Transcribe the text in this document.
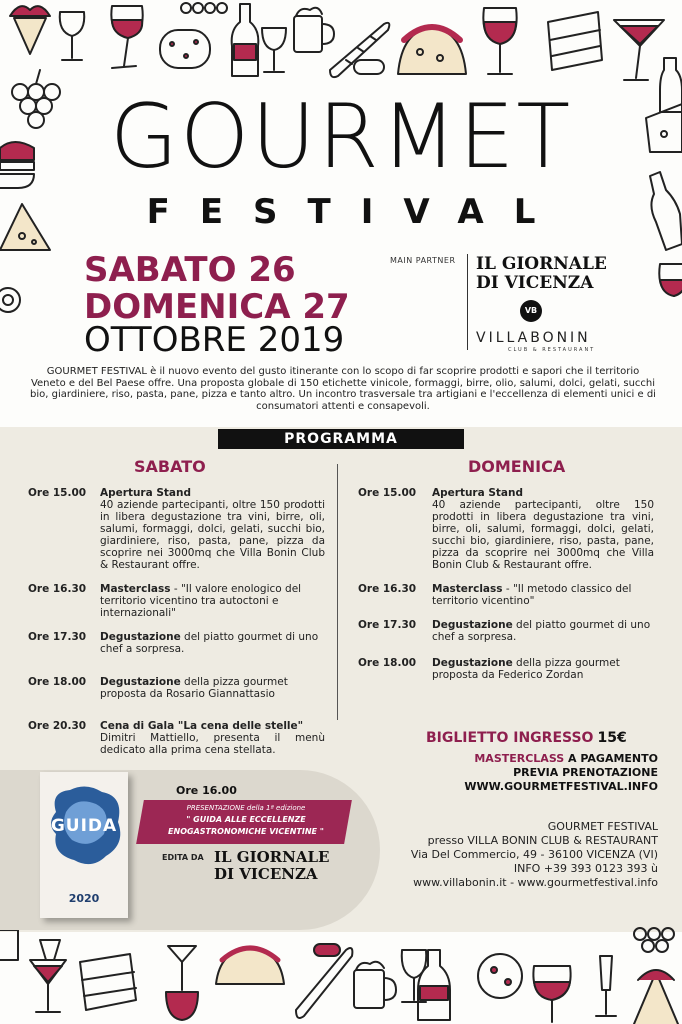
GOURMET
FESTIVAL
SABATO 26
DOMENICA 27
OTTOBRE 2019
MAIN PARTNER IL GIORNALE
DI VICENZA
VB
VILLABONIN
CLUB & RESTAURANT
GOURMET FESTIVAL è il nuovo evento del gusto itinerante con lo scopo di far scoprire prodotti e sapori che il territorio Veneto e del Bel Paese offre. Una proposta globale di 150 etichette vinicole, formaggi, birre, olio, salumi, dolci, gelati, succhi bio, giardiniere, riso, pasta, pane, pizza e tanto altro. Un incontro trasversale tra artigiani e l'eccellenza di elementi unici e di consumatori attenti e consapevoli.
PROGRAMMA
SABATO	DOMENICA
Ore 15.00	Apertura Stand
40 aziende partecipanti, oltre 150 prodotti in libera degustazione tra vini, birre, oli, salumi, formaggi, dolci, gelati, succhi bio, giardiniere, riso, pasta, pane, pizza da scoprire nei 3000mq che Villa Bonin Club & Restaurant offre.
Ore 16.30	Masterclass - "Il valore enologico del territorio vicentino tra autoctoni e internazionali"
Ore 17.30	Degustazione del piatto gourmet di uno chef a sorpresa.
Ore 18.00	Degustazione della pizza gourmet proposta da Rosario Giannattasio
Ore 20.30	Cena di Gala "La cena delle stelle"
Dimitri Mattiello, presenta il menù dedicato alla prima cena stellata.
Ore 15.00	Apertura Stand
40 aziende partecipanti, oltre 150 prodotti in libera degustazione tra vini, birre, oli, salumi, formaggi, dolci, gelati, succhi bio, giardiniere, riso, pasta, pane, pizza da scoprire nei 3000mq che Villa Bonin Club & Restaurant offre.
Ore 16.30	Masterclass - "Il metodo classico del territorio vicentino"
Ore 17.30	Degustazione del piatto gourmet di uno chef a sorpresa.
Ore 18.00	Degustazione della pizza gourmet proposta da Federico Zordan
BIGLIETTO INGRESSO 15€
MASTERCLASS A PAGAMENTO
PREVIA PRENOTAZIONE
WWW.GOURMETFESTIVAL.INFO
GUIDA
2020
Ore 16.00
PRESENTAZIONE della 1ª edizione
" GUIDA ALLE ECCELLENZE
ENOGASTRONOMICHE VICENTINE "
EDITA DA IL GIORNALE
DI VICENZA
GOURMET FESTIVAL
presso VILLA BONIN CLUB & RESTAURANT
Via Del Commercio, 49 - 36100 VICENZA (VI)
INFO +39 393 0123 393 ù
www.villabonin.it - www.gourmetfestival.info
